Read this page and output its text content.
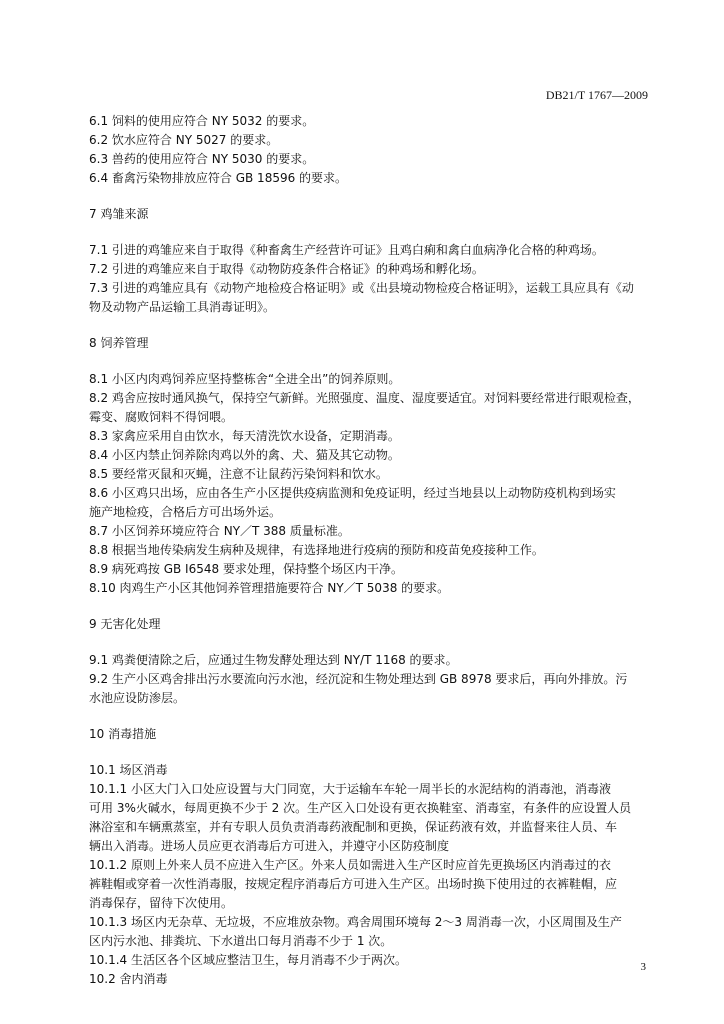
DB21/T 1767—2009
6.1 饲料的使用应符合 NY 5032 的要求。
6.2 饮水应符合 NY 5027 的要求。
6.3 兽药的使用应符合 NY 5030 的要求。
6.4 畜禽污染物排放应符合 GB 18596 的要求。
7 鸡雏来源
7.1 引进的鸡雏应来自于取得《种畜禽生产经营许可证》且鸡白痢和禽白血病净化合格的种鸡场。
7.2 引进的鸡雏应来自于取得《动物防疫条件合格证》的种鸡场和孵化场。
7.3 引进的鸡雏应具有《动物产地检疫合格证明》或《出县境动物检疫合格证明》，运载工具应具有《动
物及动物产品运输工具消毒证明》。
8 饲养管理
8.1 小区内肉鸡饲养应坚持整栋舍“全进全出”的饲养原则。
8.2 鸡舍应按时通风换气，保持空气新鲜。光照强度、温度、湿度要适宜。对饲料要经常进行眼观检查，
霉变、腐败饲料不得饲喂。
8.3 家禽应采用自由饮水，每天清洗饮水设备，定期消毒。
8.4 小区内禁止饲养除肉鸡以外的禽、犬、猫及其它动物。
8.5 要经常灭鼠和灭蝇，注意不让鼠药污染饲料和饮水。
8.6 小区鸡只出场，应由各生产小区提供疫病监测和免疫证明，经过当地县以上动物防疫机构到场实
施产地检疫，合格后方可出场外运。
8.7 小区饲养环境应符合 NY／T 388 质量标准。
8.8 根据当地传染病发生病种及规律，有选择地进行疫病的预防和疫苗免疫接种工作。
8.9 病死鸡按 GB I6548 要求处理，保持整个场区内干净。
8.10 肉鸡生产小区其他饲养管理措施要符合 NY／T 5038 的要求。
9 无害化处理
9.1 鸡粪便清除之后，应通过生物发酵处理达到 NY/T 1168 的要求。
9.2 生产小区鸡舍排出污水要流向污水池，经沉淀和生物处理达到 GB 8978 要求后，再向外排放。污
水池应设防渗层。
10 消毒措施
10.1 场区消毒
10.1.1 小区大门入口处应设置与大门同宽，大于运输车车轮一周半长的水泥结构的消毒池，消毒液
可用 3%火碱水，每周更换不少于 2 次。生产区入口处设有更衣换鞋室、消毒室，有条件的应设置人员
淋浴室和车辆熏蒸室，并有专职人员负责消毒药液配制和更换，保证药液有效，并监督来往人员、车
辆出入消毒。进场人员应更衣消毒后方可进入，并遵守小区防疫制度
10.1.2 原则上外来人员不应进入生产区。外来人员如需进入生产区时应首先更换场区内消毒过的衣
裤鞋帽或穿着一次性消毒服，按规定程序消毒后方可进入生产区。出场时换下使用过的衣裤鞋帽，应
消毒保存，留待下次使用。
10.1.3 场区内无杂草、无垃圾，不应堆放杂物。鸡舍周围环境每 2～3 周消毒一次，小区周围及生产
区内污水池、排粪坑、下水道出口每月消毒不少于 1 次。
10.1.4 生活区各个区域应整洁卫生，每月消毒不少于两次。
10.2 舍内消毒
3
